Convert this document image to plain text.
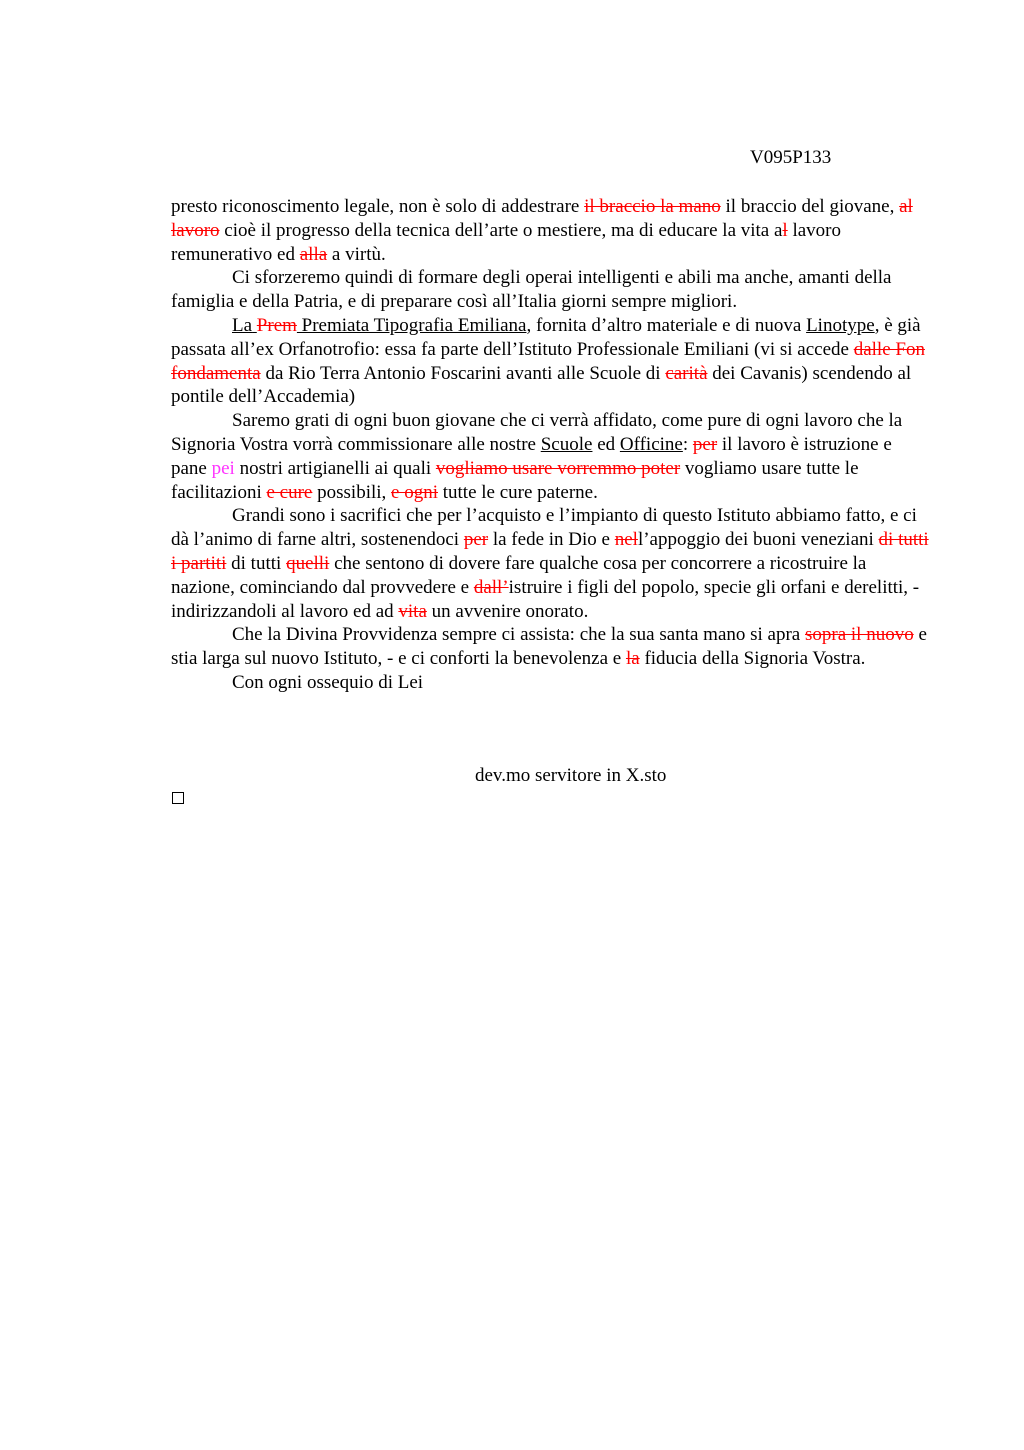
V095P133

presto riconoscimento legale, non è solo di addestrare il braccio la mano il braccio del giovane, al lavoro cioè il progresso della tecnica dell’arte o mestiere, ma di educare la vita al lavoro remunerativo ed alla a virtù.

Ci sforzeremo quindi di formare degli operai intelligenti e abili ma anche, amanti della famiglia e della Patria, e di preparare così all’Italia giorni sempre migliori.

La Prem Premiata Tipografia Emiliana, fornita d’altro materiale e di nuova Linotype, è già passata all’ex Orfanotrofio: essa fa parte dell’Istituto Professionale Emiliani (vi si accede dalle Fon fondamenta da Rio Terra Antonio Foscarini avanti alle Scuole di carità dei Cavanis) scendendo al pontile dell’Accademia)

Saremo grati di ogni buon giovane che ci verrà affidato, come pure di ogni lavoro che la Signoria Vostra vorrà commissionare alle nostre Scuole ed Officine: per il lavoro è istruzione e pane pei nostri artigianelli ai quali vogliamo usare vorremmo poter vogliamo usare tutte le facilitazioni e cure possibili, e ogni tutte le cure paterne.

Grandi sono i sacrifici che per l’acquisto e l’impianto di questo Istituto abbiamo fatto, e ci dà l’animo di farne altri, sostenendoci per la fede in Dio e nell’appoggio dei buoni veneziani di tutti i partiti di tutti quelli che sentono di dovere fare qualche cosa per concorrere a ricostruire la nazione, cominciando dal provvedere e dall’istruire i figli del popolo, specie gli orfani e derelitti, - indirizzandoli al lavoro ed ad vita un avvenire onorato.

Che la Divina Provvidenza sempre ci assista: che la sua santa mano si apra sopra il nuovo e stia larga sul nuovo Istituto, - e ci conforti la benevolenza e la fiducia della Signoria Vostra.

Con ogni ossequio di Lei

dev.mo servitore in X.sto
